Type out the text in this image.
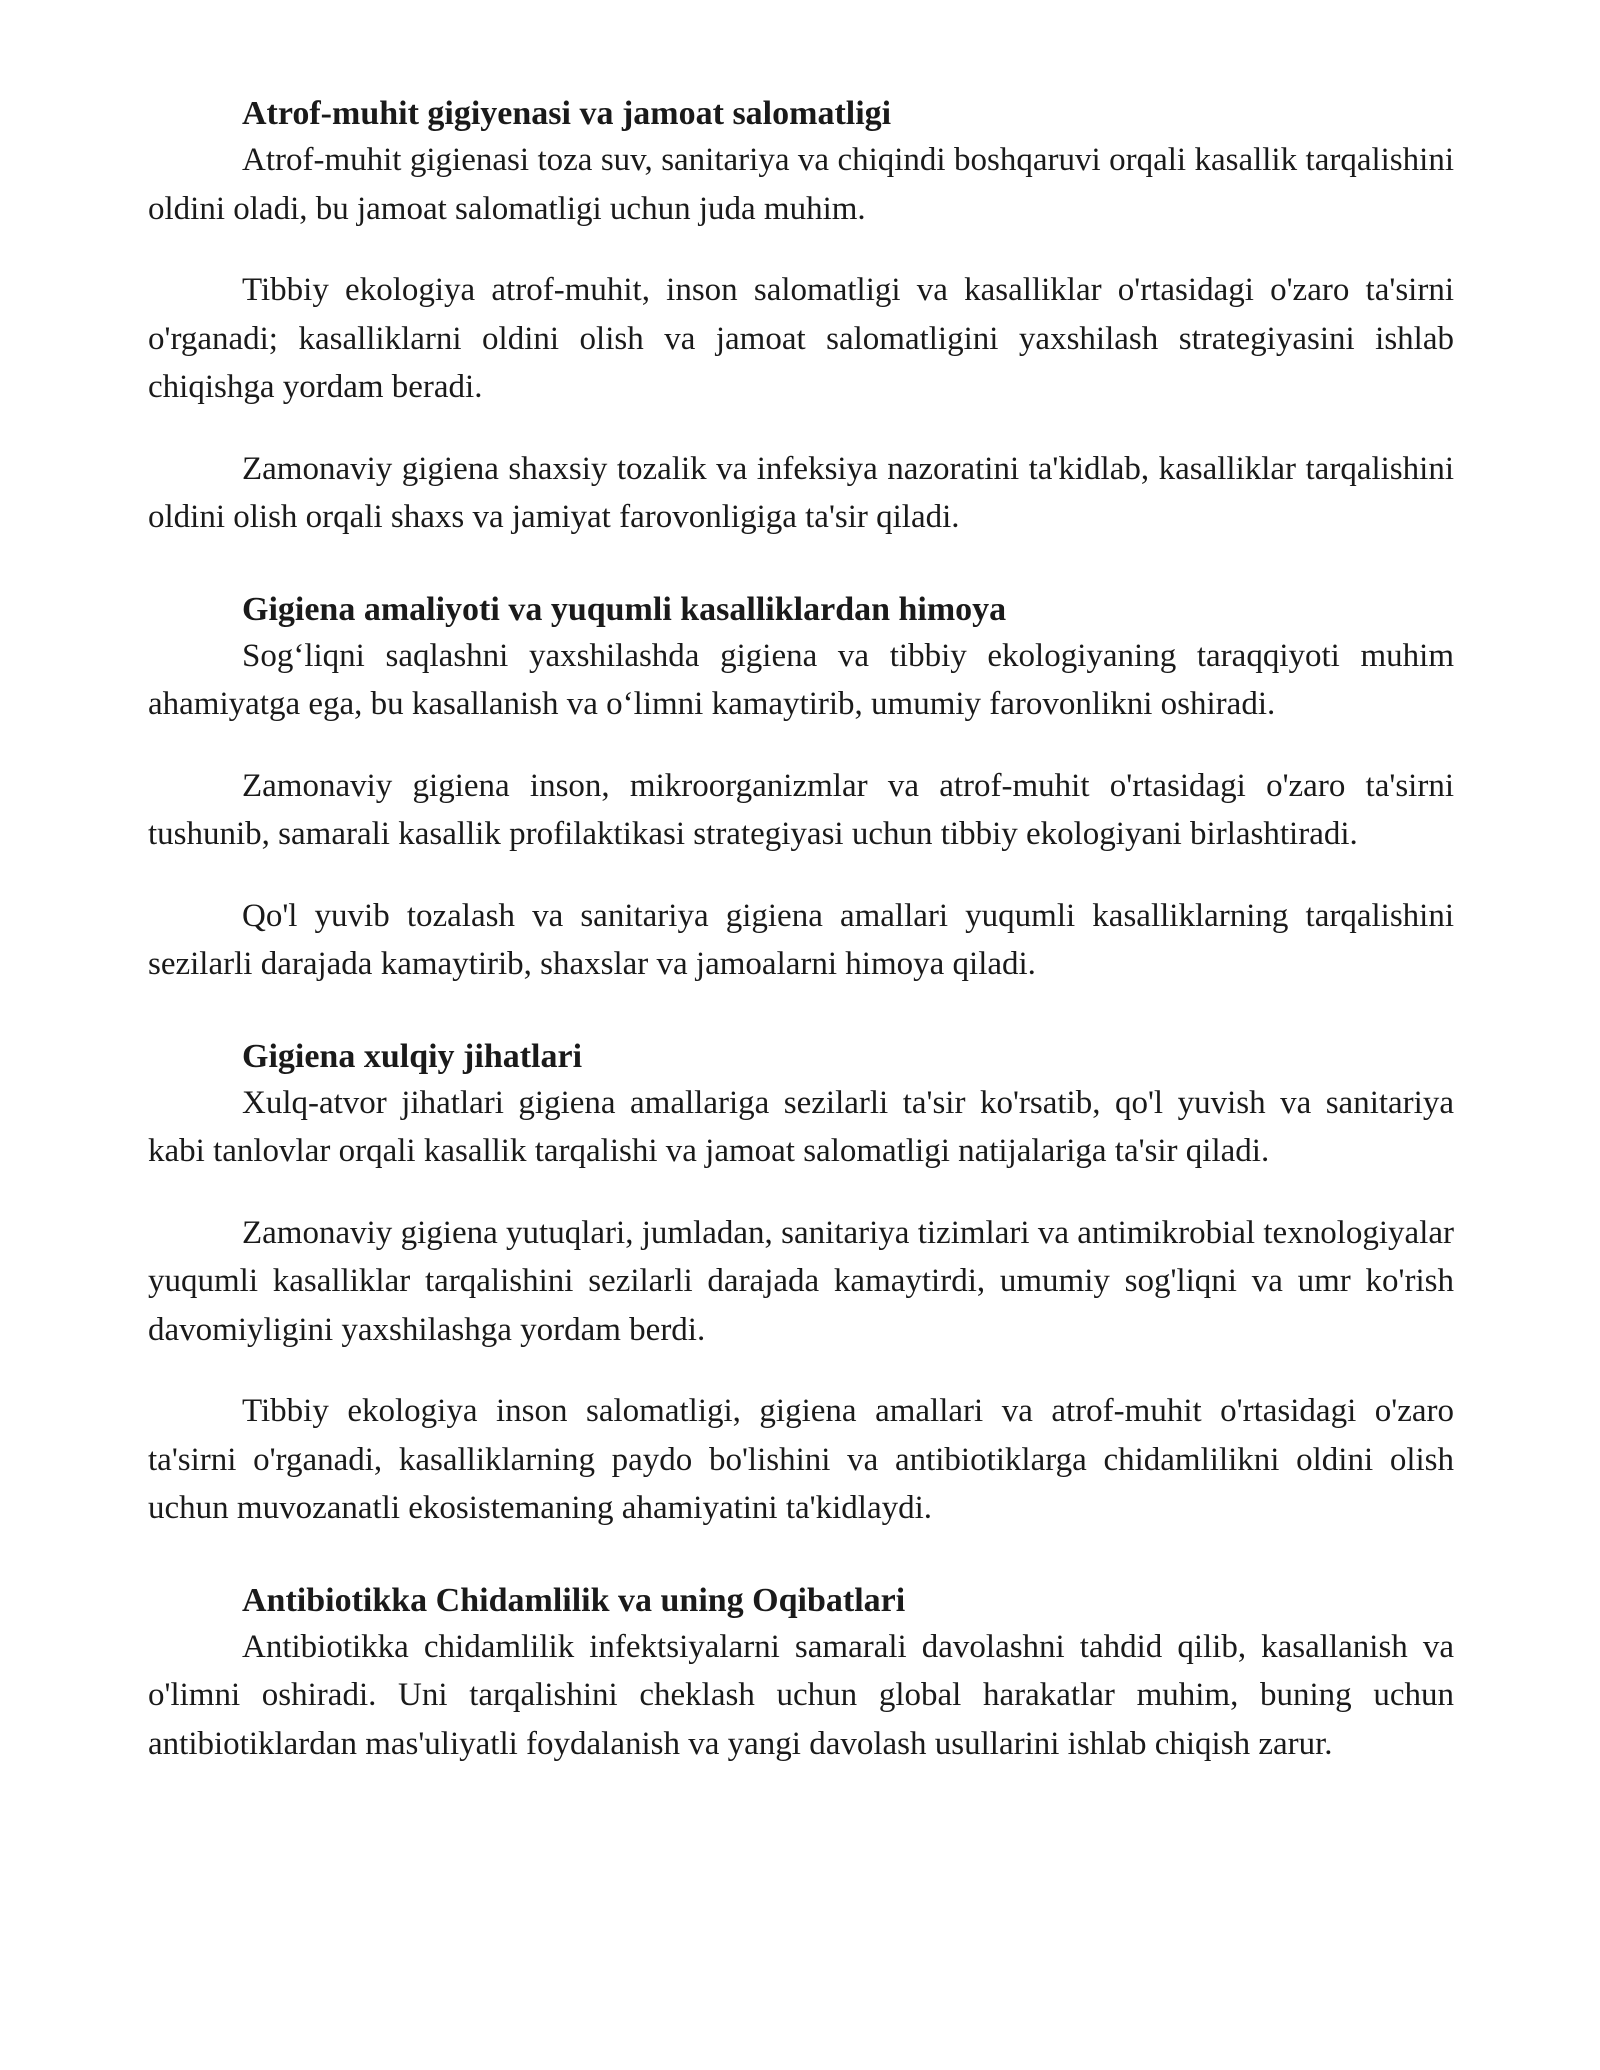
Atrof-muhit gigiyenasi va jamoat salomatligi

Atrof-muhit gigienasi toza suv, sanitariya va chiqindi boshqaruvi orqali kasallik tarqalishini oldini oladi, bu jamoat salomatligi uchun juda muhim.

Tibbiy ekologiya atrof-muhit, inson salomatligi va kasalliklar o'rtasidagi o'zaro ta'sirni o'rganadi; kasalliklarni oldini olish va jamoat salomatligini yaxshilash strategiyasini ishlab chiqishga yordam beradi.

Zamonaviy gigiena shaxsiy tozalik va infeksiya nazoratini ta'kidlab, kasalliklar tarqalishini oldini olish orqali shaxs va jamiyat farovonligiga ta'sir qiladi.

Gigiena amaliyoti va yuqumli kasalliklardan himoya

Sog‘liqni saqlashni yaxshilashda gigiena va tibbiy ekologiyaning taraqqiyoti muhim ahamiyatga ega, bu kasallanish va o‘limni kamaytirib, umumiy farovonlikni oshiradi.

Zamonaviy gigiena inson, mikroorganizmlar va atrof-muhit o'rtasidagi o'zaro ta'sirni tushunib, samarali kasallik profilaktikasi strategiyasi uchun tibbiy ekologiyani birlashtiradi.

Qo'l yuvib tozalash va sanitariya gigiena amallari yuqumli kasalliklarning tarqalishini sezilarli darajada kamaytirib, shaxslar va jamoalarni himoya qiladi.

Gigiena xulqiy jihatlari

Xulq-atvor jihatlari gigiena amallariga sezilarli ta'sir ko'rsatib, qo'l yuvish va sanitariya kabi tanlovlar orqali kasallik tarqalishi va jamoat salomatligi natijalariga ta'sir qiladi.

Zamonaviy gigiena yutuqlari, jumladan, sanitariya tizimlari va antimikrobial texnologiyalar yuqumli kasalliklar tarqalishini sezilarli darajada kamaytirdi, umumiy sog'liqni va umr ko'rish davomiyligini yaxshilashga yordam berdi.

Tibbiy ekologiya inson salomatligi, gigiena amallari va atrof-muhit o'rtasidagi o'zaro ta'sirni o'rganadi, kasalliklarning paydo bo'lishini va antibiotiklarga chidamlilikni oldini olish uchun muvozanatli ekosistemaning ahamiyatini ta'kidlaydi.

Antibiotikka Chidamlilik va uning Oqibatlari

Antibiotikka chidamlilik infektsiyalarni samarali davolashni tahdid qilib, kasallanish va o'limni oshiradi. Uni tarqalishini cheklash uchun global harakatlar muhim, buning uchun antibiotiklardan mas'uliyatli foydalanish va yangi davolash usullarini ishlab chiqish zarur.
